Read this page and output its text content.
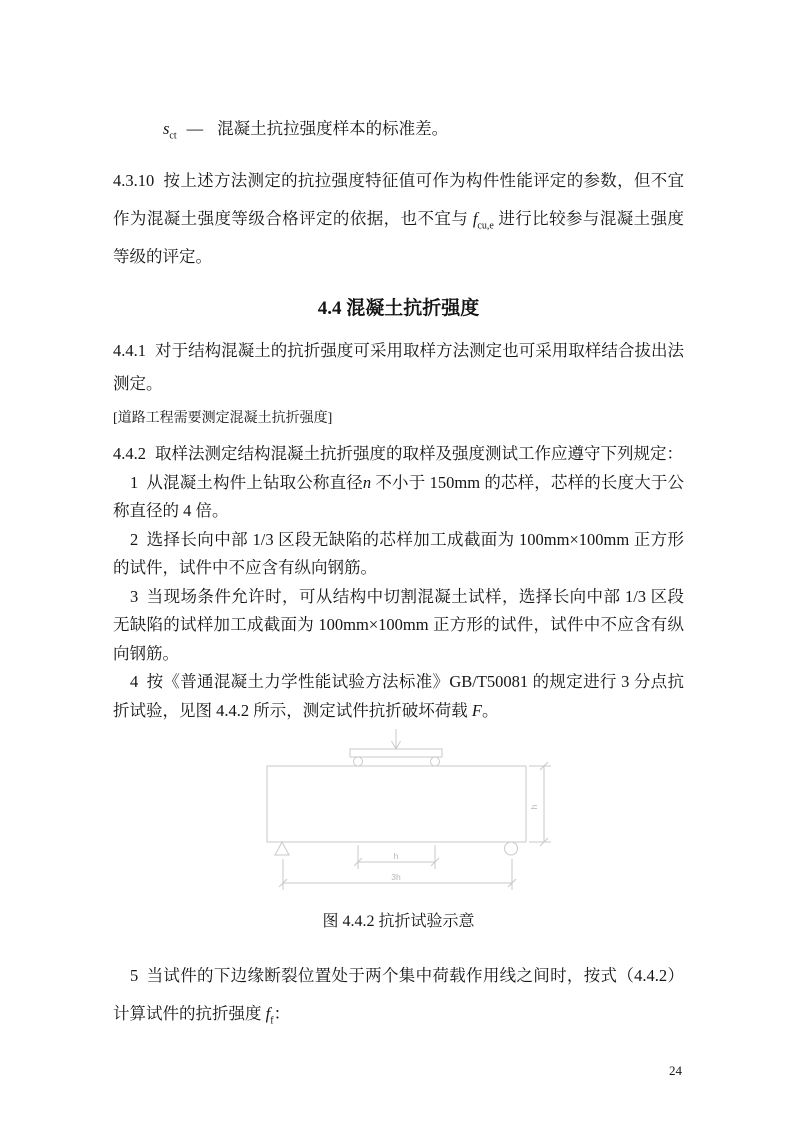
$s_{ct}$ — 混凝土抗拉强度样本的标准差。

4.3.10 按上述方法测定的抗拉强度特征值可作为构件性能评定的参数，但不宜作为混凝土强度等级合格评定的依据，也不宜与 $f_{cu,e}$ 进行比较参与混凝土强度等级的评定。

4.4 混凝土抗折强度

4.4.1 对于结构混凝土的抗折强度可采用取样方法测定也可采用取样结合拔出法测定。

[道路工程需要测定混凝土抗折强度]

4.4.2 取样法测定结构混凝土抗折强度的取样及强度测试工作应遵守下列规定：

1 从混凝土构件上钻取公称直径n 不小于 150mm 的芯样，芯样的长度大于公称直径的 4 倍。

2 选择长向中部 1/3 区段无缺陷的芯样加工成截面为 100mm×100mm 正方形的试件，试件中不应含有纵向钢筋。

3 当现场条件允许时，可从结构中切割混凝土试样，选择长向中部 1/3 区段无缺陷的试样加工成截面为 100mm×100mm 正方形的试件，试件中不应含有纵向钢筋。

4 按《普通混凝土力学性能试验方法标准》GB/T50081 的规定进行 3 分点抗折试验，见图 4.4.2 所示，测定试件抗折破坏荷载 F。

h
h
3h

图 4.4.2 抗折试验示意

5 当试件的下边缘断裂位置处于两个集中荷载作用线之间时，按式（4.4.2）计算试件的抗折强度 $f_f$：

24
